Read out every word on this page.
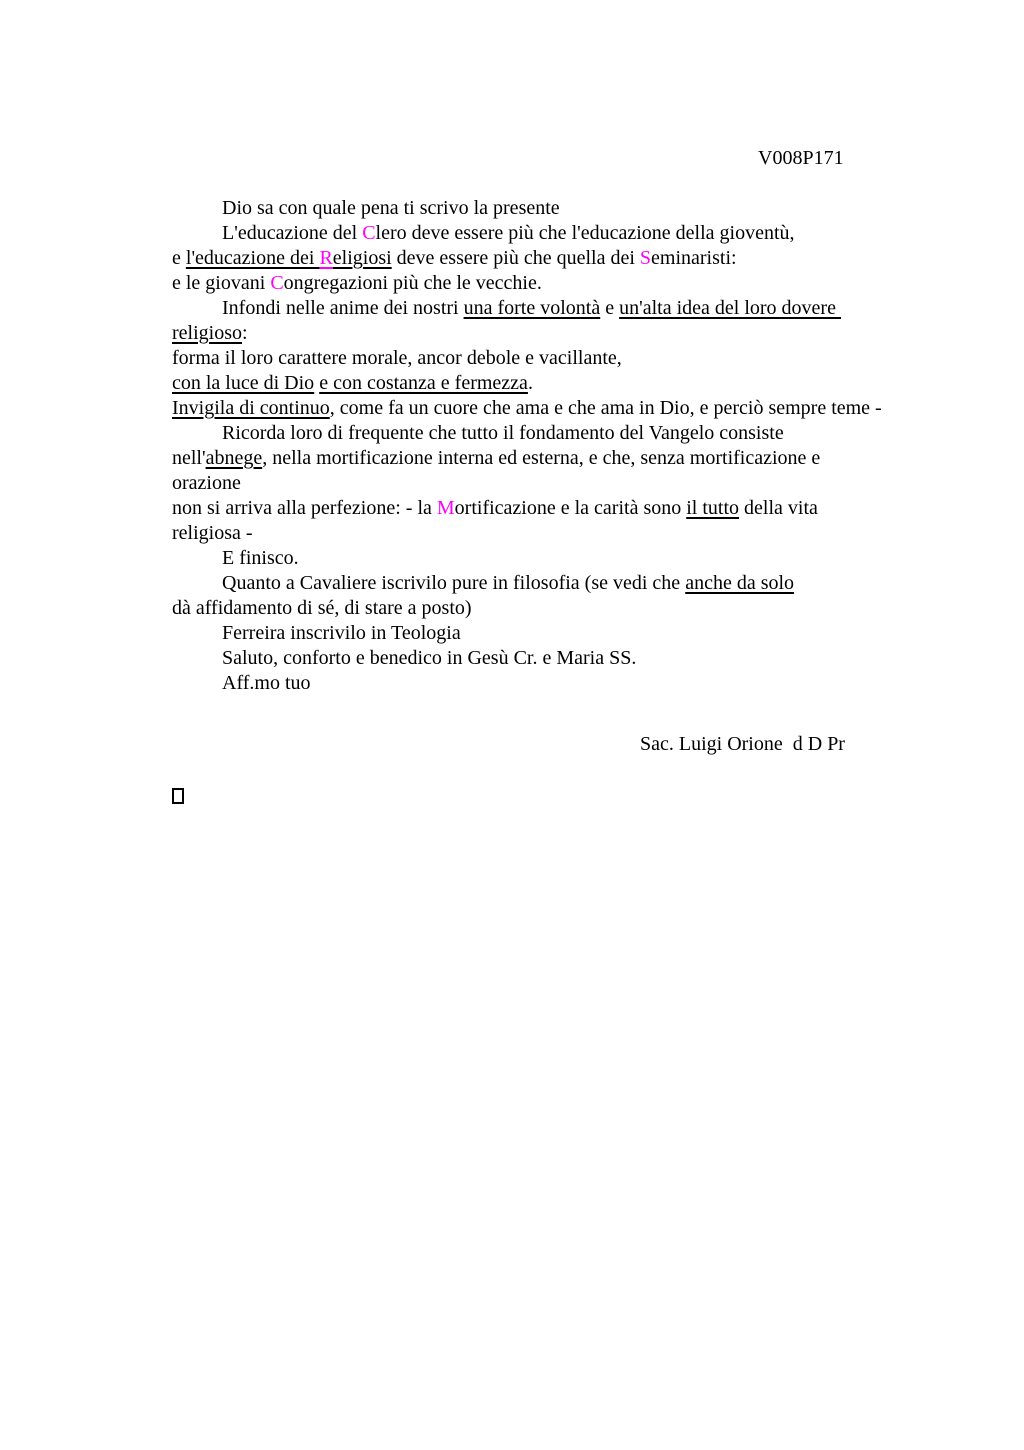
V008P171
Dio sa con quale pena ti scrivo la presente
L'educazione del Clero deve essere più che l'educazione della gioventù,
e l'educazione dei Religiosi deve essere più che quella dei Seminaristi:
e le giovani Congregazioni più che le vecchie.
Infondi nelle anime dei nostri una forte volontà e un'alta idea del loro dovere
religioso:
forma il loro carattere morale, ancor debole e vacillante,
con la luce di Dio e con costanza e fermezza.
Invigila di continuo, come fa un cuore che ama e che ama in Dio, e perciò sempre teme -
Ricorda loro di frequente che tutto il fondamento del Vangelo consiste
nell'abnege, nella mortificazione interna ed esterna, e che, senza mortificazione e
orazione
non si arriva alla perfezione: - la Mortificazione e la carità sono il tutto della vita
religiosa -
E finisco.
Quanto a Cavaliere iscrivilo pure in filosofia (se vedi che anche da solo
dà affidamento di sé, di stare a posto)
Ferreira inscrivilo in Teologia
Saluto, conforto e benedico in Gesù Cr. e Maria SS.
Aff.mo tuo

Sac. Luigi Orione  d D Pr
